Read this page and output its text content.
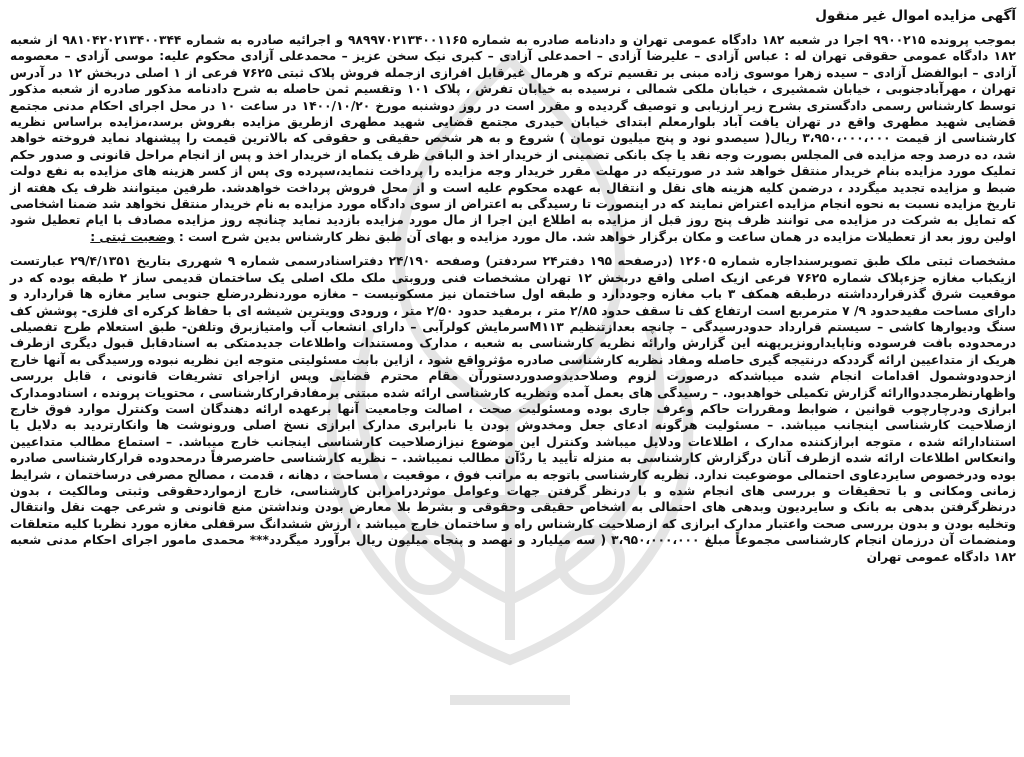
آگهی مزایده اموال غیر منقول

بموجب پرونده ۹۹۰۰۲۱۵ اجرا در شعبه ۱۸۲ دادگاه عمومی تهران و دادنامه صادره به شماره ۹۸۹۹۷۰۲۱۳۴۰۰۱۱۶۵ و اجرائیه صادره به شماره ۹۸۱۰۴۲۰۲۱۳۴۰۰۳۴۴ از شعبه ۱۸۲ دادگاه عمومی حقوقی تهران له : عباس آزادی – علیرضا آزادی – احمدعلی آزادی – کبری نیک سخن عزیز – محمدعلی آزادی محکوم علیه: موسی آزادی – معصومه آزادی – ابوالفضل آزادی – سیده زهرا موسوی زاده مبنی بر تقسیم ترکه و هرمال غیرقابل افرازی ازجمله فروش پلاک ثبتی ۷۶۲۵ فرعی از ۱ اصلی دربخش ۱۲ در آدرس تهران ، مهرآبادجنوبی ، خیابان شمشیری ، خیابان ملکی شمالی ، نرسیده به خیابان تفرش ، پلاک ۱۰۱ وتقسیم ثمن حاصله به شرح دادنامه مذکور صادره از شعبه مذکور توسط کارشناس رسمی دادگستری بشرح زیر ارزیابی و توصیف گردیده و مقرر است در روز دوشنبه مورخ ۱۴۰۰/۱۰/۲۰ در ساعت ۱۰ در محل اجرای احکام مدنی مجتمع قضایی شهید مطهری واقع در تهران یافت آباد بلوارمعلم ابتدای خیابان حیدری مجتمع قضایی شهید مطهری ازطریق مزایده بفروش برسد،مزایده براساس نظریه کارشناسی از قیمت ۳،۹۵۰،۰۰۰،۰۰۰ ریال( سیصدو نود و پنج میلیون تومان ) شروع و به هر شخص حقیقی و حقوقی که بالاترین قیمت را پیشنهاد نماید فروخته خواهد شد، ده درصد وجه مزایده فی المجلس بصورت وجه نقد یا چک بانکی تضمینی از خریدار اخذ و الباقی ظرف یکماه از خریدار اخذ و پس از انجام مراحل قانونی و صدور حکم تملیک مورد مزایده بنام خریدار منتقل خواهد شد در صورتیکه در مهلت مقرر خریدار وجه مزایده را پرداخت ننماید،سپرده وی پس از کسر هزینه های مزایده به نفع دولت ضبط و مزایده تجدید میگردد ، درضمن کلیه هزینه های نقل و انتقال به عهده محکوم علیه است و از محل فروش پرداخت خواهدشد. طرفین میتوانند ظرف یک هفته از تاریخ مزایده نسبت به نحوه انجام مزایده اعتراض نمایند که در اینصورت تا رسیدگی به اعتراض از سوی دادگاه مورد مزایده به نام خریدار منتقل نخواهد شد ضمنا اشخاصی که تمایل به شرکت در مزایده می توانند ظرف پنج روز قبل از مزایده به اطلاع این اجرا از مال مورد مزایده بازدید نماید چنانچه روز مزایده مصادف با ایام تعطیل شود اولین روز بعد از تعطیلات مزایده در همان ساعت و مکان برگزار خواهد شد. مال مورد مزایده و بهای آن طبق نظر کارشناس بدین شرح است : وضعیت ثبتی :

مشخصات ثبتی ملک طبق تصویرسنداجاره شماره ۱۲۶۰۵ (درصفحه ۱۹۵ دفتر۲۴ سردفتر) وصفحه ۲۴/۱۹۰ دفتراسنادرسمی شماره ۹ شهرری بتاریخ ۲۹/۴/۱۳۵۱ عبارتست ازیکباب مغازه جزءپلاک شماره ۷۶۲۵ فرعی ازیک اصلی واقع دربخش ۱۲ تهران مشخصات فنی وروبتی ملک ملک اصلی یک ساختمان قدیمی ساز ۲ طبقه بوده که در موقعیت شرق گذرقراردداشته درطبقه همکف ۳ باب مغازه وجوددارد و طبقه اول ساختمان نیز مسکونیست – مغازه موردنظردرضلع جنوبی سایر مغازه ها قراردارد و دارای مساحت مفیدحدود ۹/ ۷ مترمربع است ارتفاع کف تا سقف حدود ۲/۸۵ متر ، برمفید حدود ۲/۵۰ متر ، ورودی وویترین شیشه ای با حفاظ کرکره ای فلزی- پوشش کف سنگ ودیوارها کاشی – سیستم قرارداد حدودرسیدگی – چانچه بعدازتنظیم M۱۱۳سرمایش کولرآبی – دارای انشعاب آب وامتیازبرق وتلفن- طبق استعلام طرح تفصیلی درمحدوده بافت فرسوده وناپایدارونزیرپهنه این گزارش وارائه نظریه کارشناسی به شعبه ، مدارک ومستندات واطلاعات جدیدمتکی به اسنادقابل قبول دیگری ازطرف هریک از متداعیین ارائه گرددکه درنتیجه گیری حاصله ومفاد نظریه کارشناسی صادره مؤثرواقع شود ، ازاین بابت مسئولیتی متوجه این نظریه نبوده ورسیدگی به آنها خارج ازحدودوشمول اقدامات انجام شده میباشدکه درصورت لزوم وصلاحدیدوصدوردستورآن مقام محترم قضایی وپس ازاجرای تشریفات قانونی ، قابل بررسی واظهارنظرمجددواارائه گزارش تکمیلی خواهدبود. – رسیدگی های بعمل آمده ونظریه کارشناسی ارائه شده مبتنی برمفادقرارکارشناسی ، محتویات پرونده ، اسنادومدارک ابرازی ودرچارچوب قوانین ، ضوابط ومقررات حاکم وعرف جاری بوده ومسئولیت صحت ، اصالت وجامعیت آنها برعهده ارائه دهندگان است وکنترل موارد فوق خارج ازصلاحیت کارشناسی اینجانب میباشد. – مسئولیت هرگونه ادعای جعل ومخدوش بودن یا نابرابری مدارک ابرازی نسخ اصلی ورونوشت ها وانکارتردید به دلایل یا استنادارائه شده ، متوجه ابرازکننده مدارک ، اطلاعات ودلایل میباشد وکنترل این موضوع نیزازصلاحیت کارشناسی اینجانب خارج میباشد. – استماع مطالب متداعیین وانعکاس اطلاعات ارائه شده ازطرف آنان درگزارش کارشناسی به منزله تأیید یا ردّآن مطالب نمیباشد. – نظریه کارشناسی حاضرصرفاً درمحدوده قرارکارشناسی صادره بوده ودرخصوص سایردعاوی احتمالی موضوعیت ندارد. نظریه کارشناسی باتوجه به مراتب فوق ، موقعیت ، مساحت ، دهانه ، قدمت ، مصالح مصرفی درساختمان ، شرایط زمانی ومکانی و با تحقیقات و بررسی های انجام شده و با درنظر گرفتن جهات وعوامل موثردرامرابن کارشناسی، خارج ازمواردحقوقی وثبتی ومالکیت ، بدون درنظرگرفتن بدهی به بانک و سایردیون وبدهی های احتمالی به اشخاص حقیقی وحقوقی و بشرط بلا معارض بودن ونداشتن منع قانونی و شرعی جهت نقل وانتقال وتخلیه بودن و بدون بررسی صحت واعتبار مدارک ابرازی که ازصلاحیت کارشناس راه و ساختمان خارج میباشد ، ارزش ششدانگ سرقفلی مغازه مورد نظربا کلیه متعلقات ومنضمات آن درزمان انجام کارشناسی مجموعاً مبلغ ۳،۹۵۰،۰۰۰،۰۰۰ ( سه میلیارد و نهصد و پنجاه میلیون ریال برآورد میگردد*** محمدی مامور اجرای احکام مدنی شعبه ۱۸۲ دادگاه عمومی تهران
